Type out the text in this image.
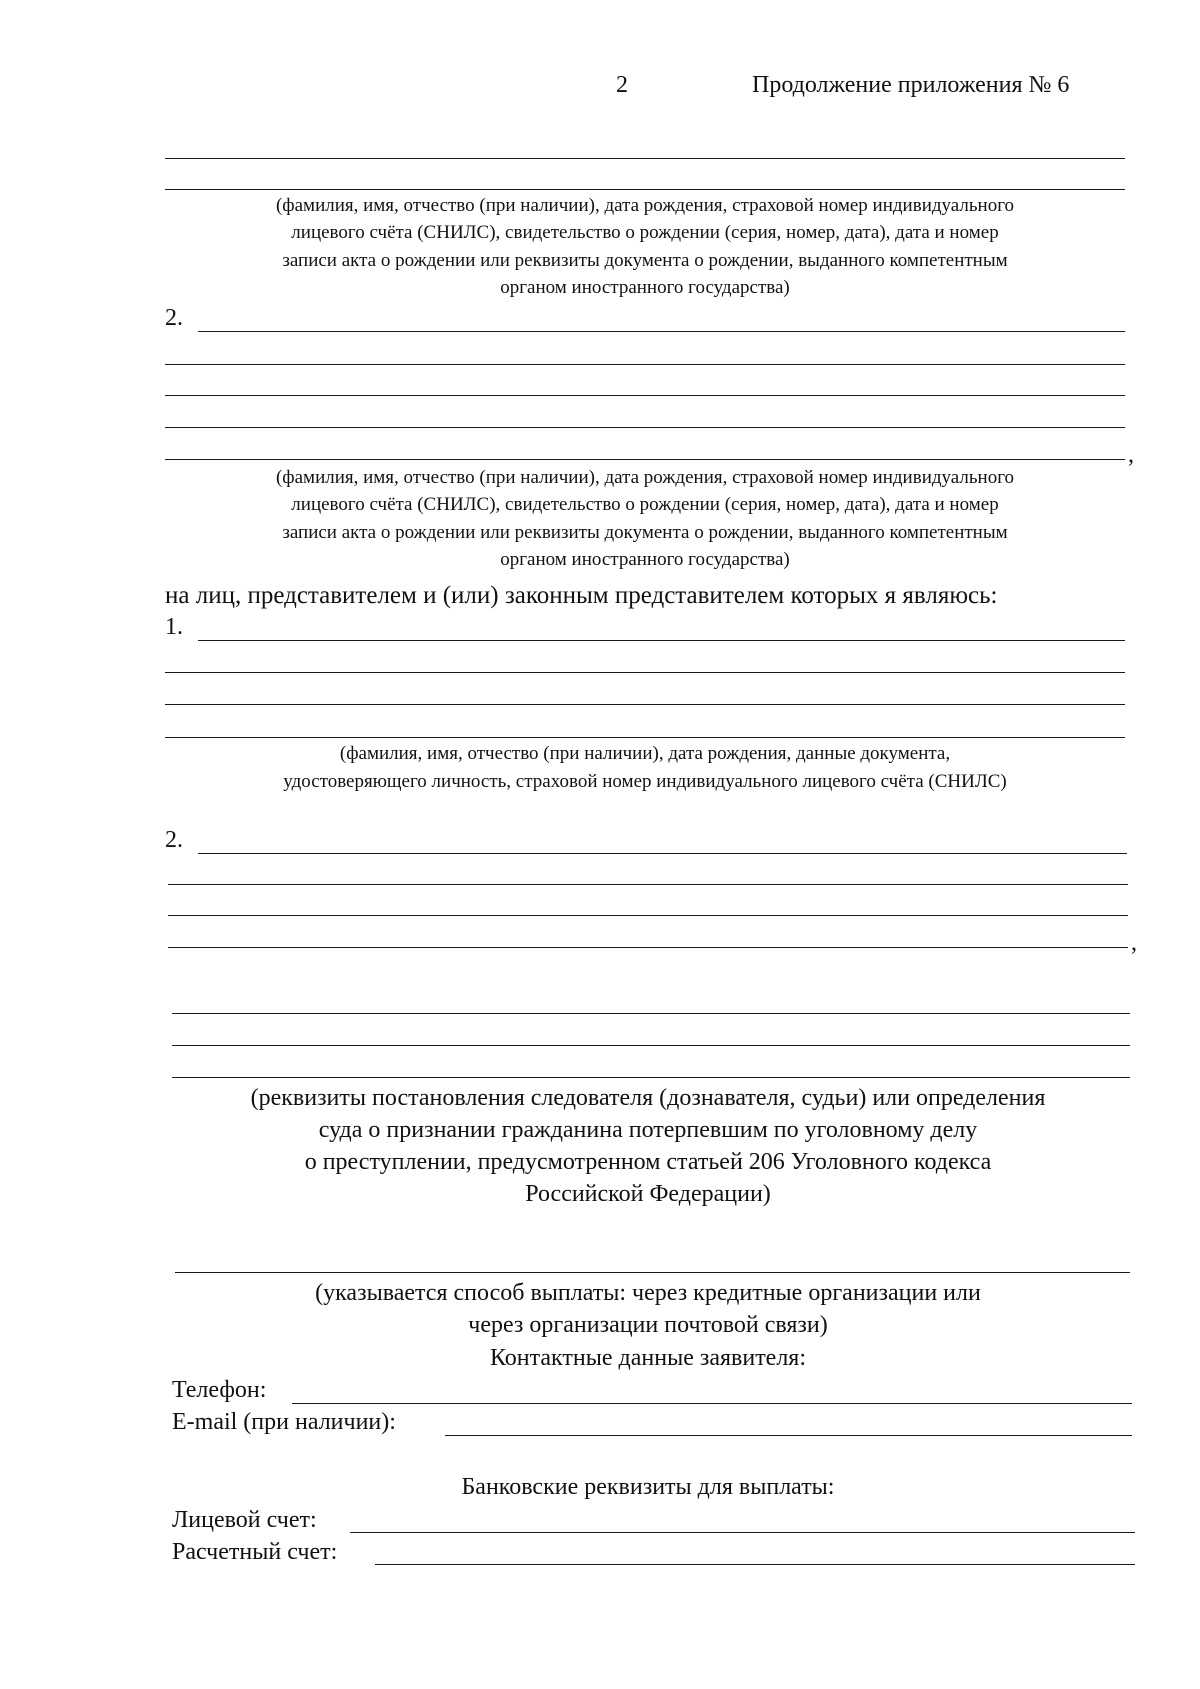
2	Продолжение приложения № 6
(фамилия, имя, отчество (при наличии), дата рождения, страховой номер индивидуального
лицевого счёта (СНИЛС), свидетельство о рождении (серия, номер, дата), дата и номер
записи акта о рождении или реквизиты документа о рождении, выданного компетентным
органом иностранного государства)
2.
,
(фамилия, имя, отчество (при наличии), дата рождения, страховой номер индивидуального
лицевого счёта (СНИЛС), свидетельство о рождении (серия, номер, дата), дата и номер
записи акта о рождении или реквизиты документа о рождении, выданного компетентным
органом иностранного государства)
на лиц, представителем и (или) законным представителем которых я являюсь:
1.
(фамилия, имя, отчество (при наличии), дата рождения, данные документа,
удостоверяющего личность, страховой номер индивидуального лицевого счёта (СНИЛС)
2.
,
(реквизиты постановления следователя (дознавателя, судьи) или определения
суда о признании гражданина потерпевшим по уголовному делу
о преступлении, предусмотренном статьей 206 Уголовного кодекса
Российской Федерации)
(указывается способ выплаты: через кредитные организации или
через организации почтовой связи)
Контактные данные заявителя:
Телефон:
E-mail (при наличии):
Банковские реквизиты для выплаты:
Лицевой счет:
Расчетный счет:
